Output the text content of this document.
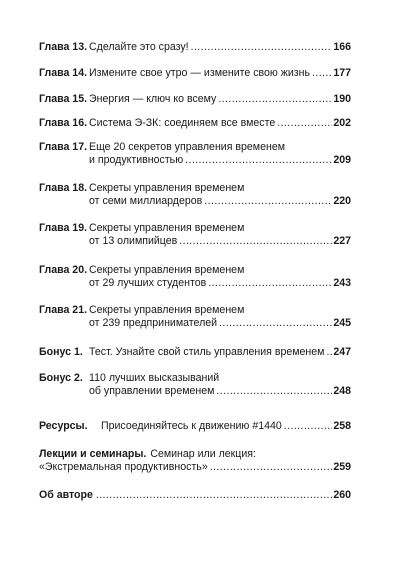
Глава 13. Сделайте это сразу! .....	166
Глава 14. Измените свое утро — измените свою жизнь ..... 177
Глава 15. Энергия — ключ ко всему .....	190
Глава 16. Система Э-ЗК: соединяем все вместе .....	202
Глава 17. Еще 20 секретов управления временем
и продуктивностью .....	209
Глава 18. Секреты управления временем
от семи миллиардеров .....	220
Глава 19. Секреты управления временем
от 13 олимпийцев .....	227
Глава 20. Секреты управления временем
от 29 лучших студентов .....	243
Глава 21. Секреты управления временем
от 239 предпринимателей .....	245
Бонус 1. Тест. Узнайте свой стиль управления временем ..... 247
Бонус 2. 110 лучших высказываний
об управлении временем .....	248
Ресурсы.	Присоединяйтесь к движению #1440 .....	258
Лекции и семинары. Семинар или лекция:
«Экстремальная продуктивность» .....	259
Об авторе .....	260
